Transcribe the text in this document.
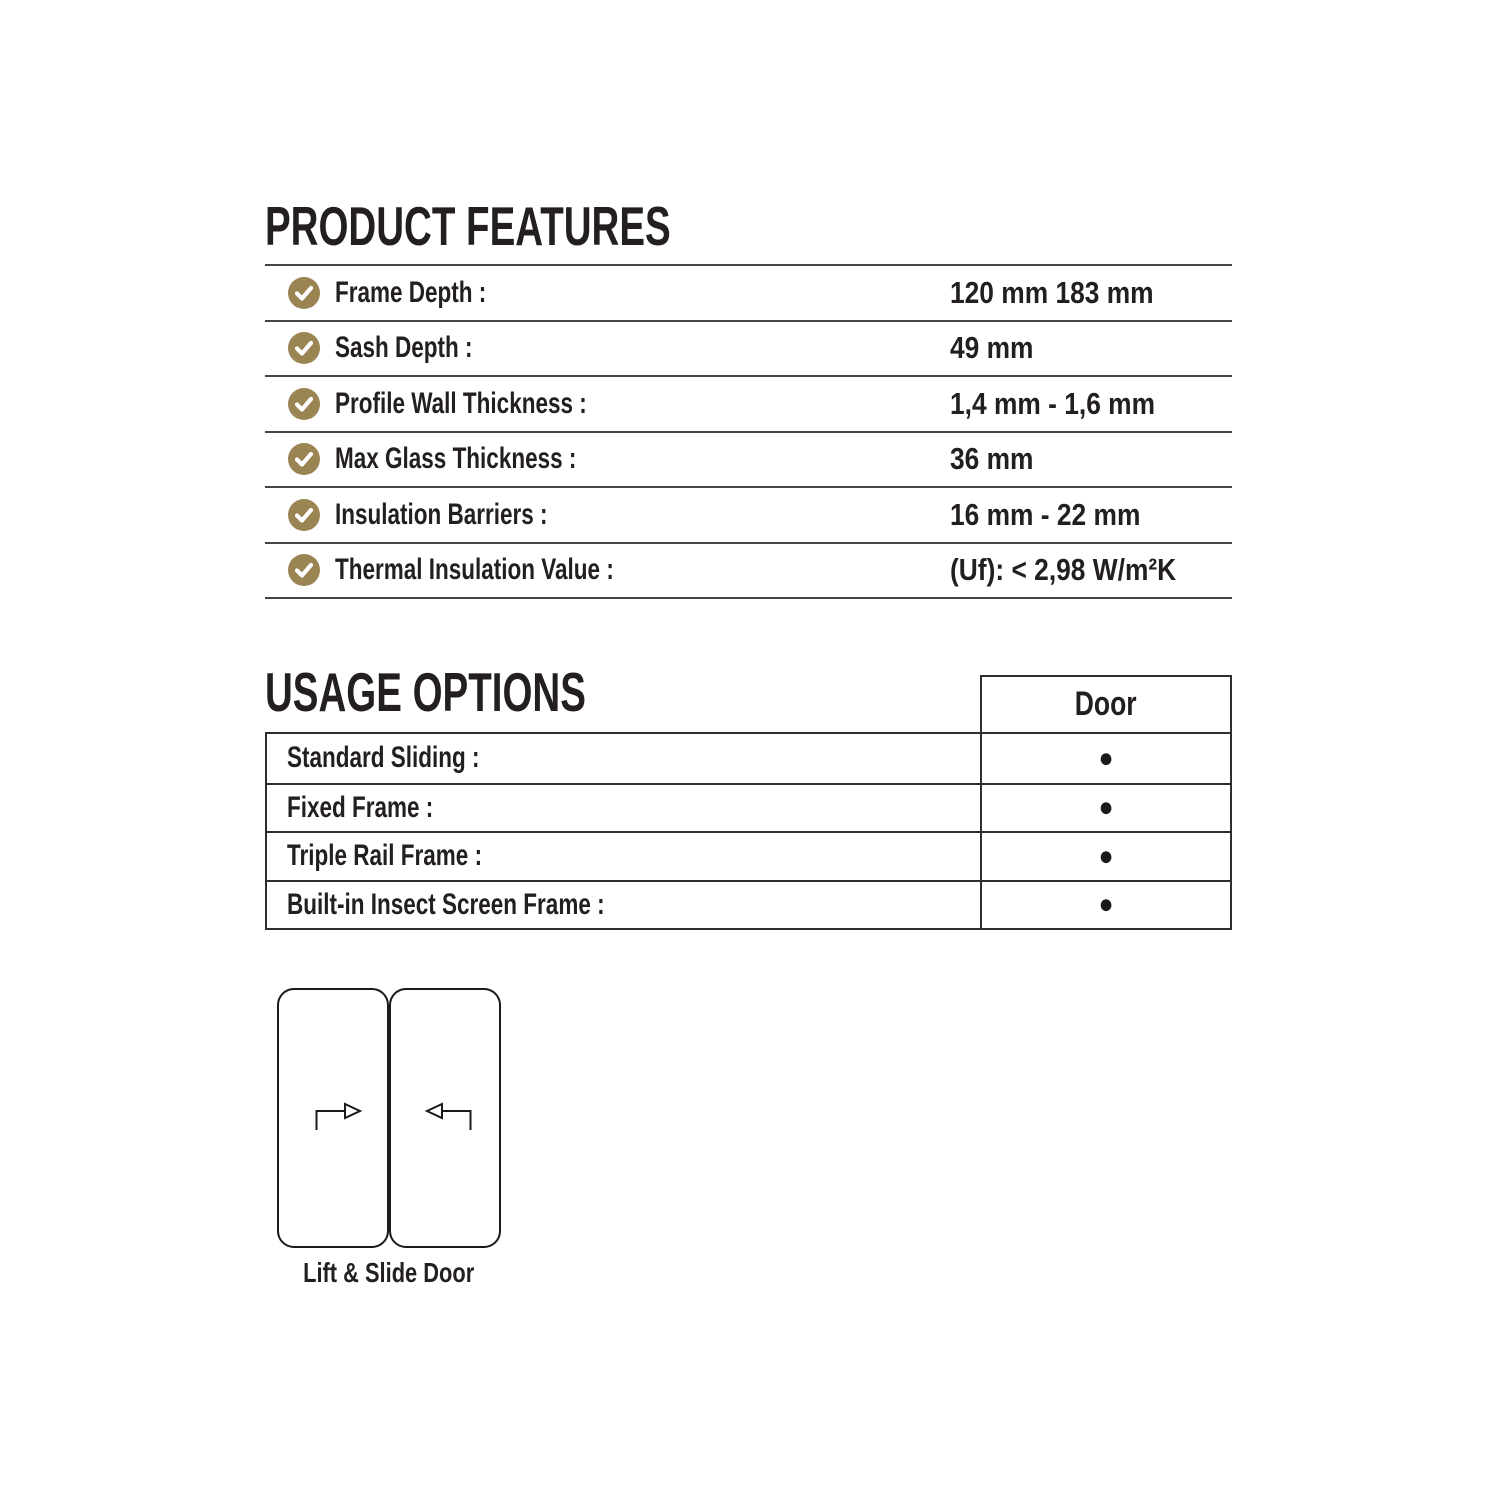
PRODUCT FEATURES
Frame Depth :	120 mm 183 mm
Sash Depth :	49 mm
Profile Wall Thickness :	1,4 mm - 1,6 mm
Max Glass Thickness :	36 mm
Insulation Barriers :	16 mm - 22 mm
Thermal Insulation Value :	(Uf): < 2,98 W/m²K
USAGE OPTIONS	Door
Standard Sliding :	●
Fixed Frame :	●
Triple Rail Frame :	●
Built-in Insect Screen Frame :	●
Lift & Slide Door
